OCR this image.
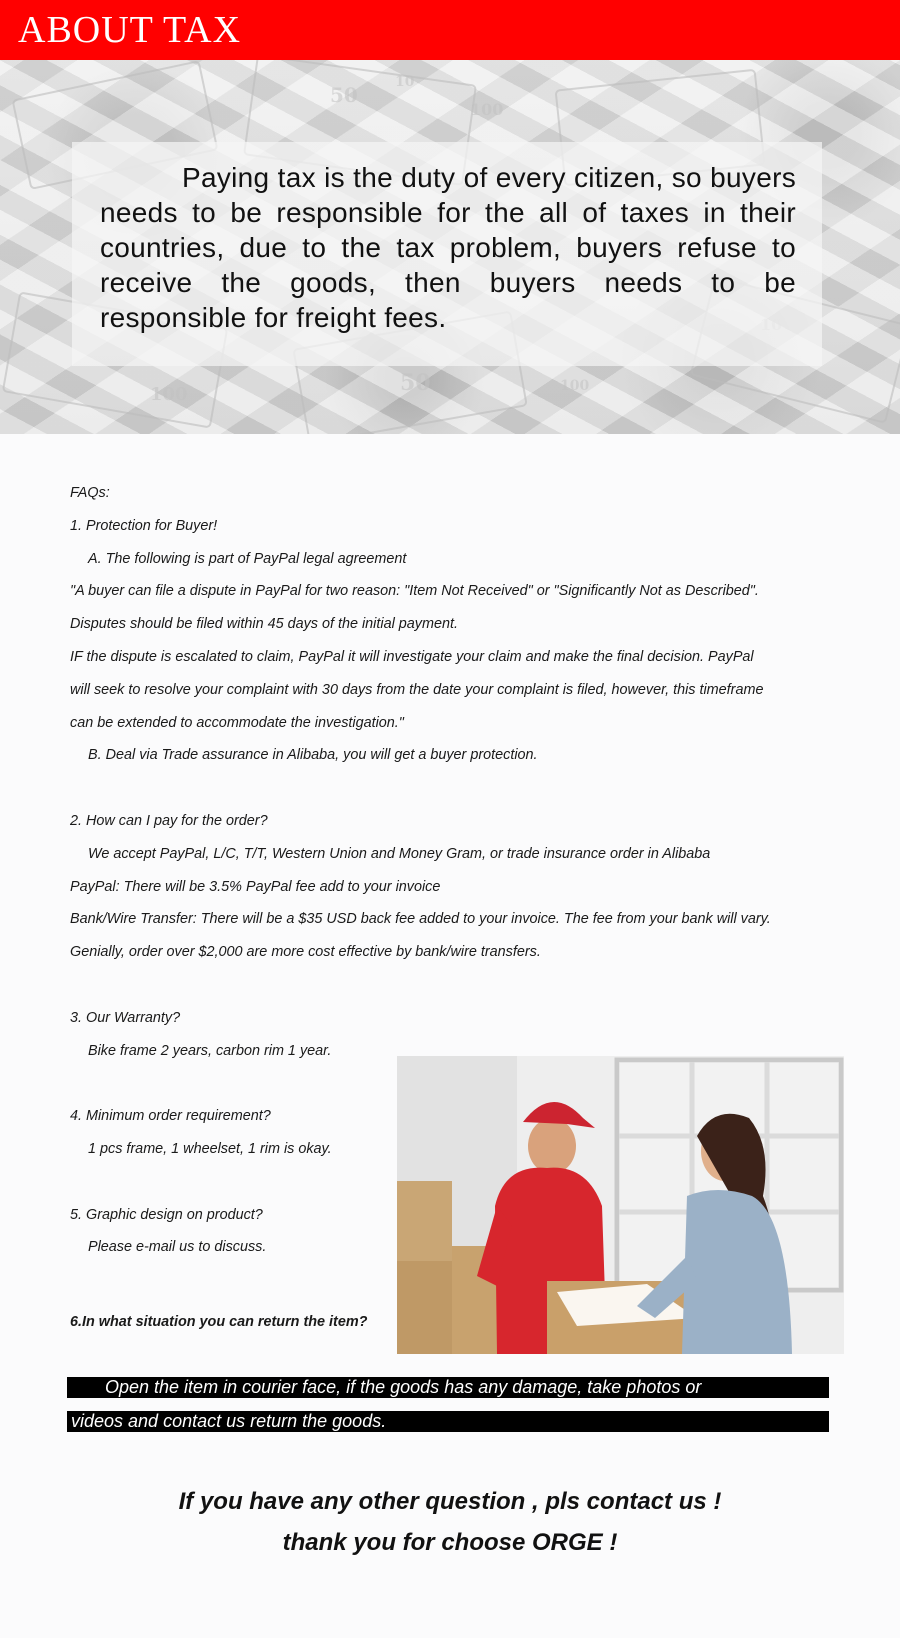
ABOUT TAX
50
100
10
100	50	100
Paying tax is the duty of every citizen, so buyers needs to be responsible for the all of taxes in their countries, due to the tax problem, buyers refuse to receive the goods, then buyers needs to be responsible for freight fees.
FAQs:
1. Protection for Buyer!
A. The following is part of PayPal legal agreement
"A buyer can file a dispute in PayPal for two reason: "Item Not Received" or "Significantly Not as Described".
Disputes should be filed within 45 days of the initial payment.
IF the dispute is escalated to claim, PayPal it will investigate your claim and make the final decision. PayPal
will seek to resolve your complaint with 30 days from the date your complaint is filed, however, this timeframe
can be extended to accommodate the investigation."
B. Deal via Trade assurance in Alibaba, you will get a buyer protection.
2. How can I pay for the order?
We accept PayPal, L/C, T/T, Western Union and Money Gram, or trade insurance order in Alibaba
PayPal: There will be 3.5% PayPal fee add to your invoice
Bank/Wire Transfer: There will be a $35 USD back fee added to your invoice. The fee from your bank will vary.
Genially, order over $2,000 are more cost effective by bank/wire transfers.
3. Our Warranty?
Bike frame 2 years, carbon rim 1 year.
4. Minimum order requirement?
1 pcs frame, 1 wheelset, 1 rim is okay.
5. Graphic design on product?
Please e-mail us to discuss.
6.In what situation you can return the item?
Open the item in courier face, if the goods has any damage, take photos or
videos and contact us return the goods.
If you have any other question , pls contact us !
thank you for choose ORGE !
